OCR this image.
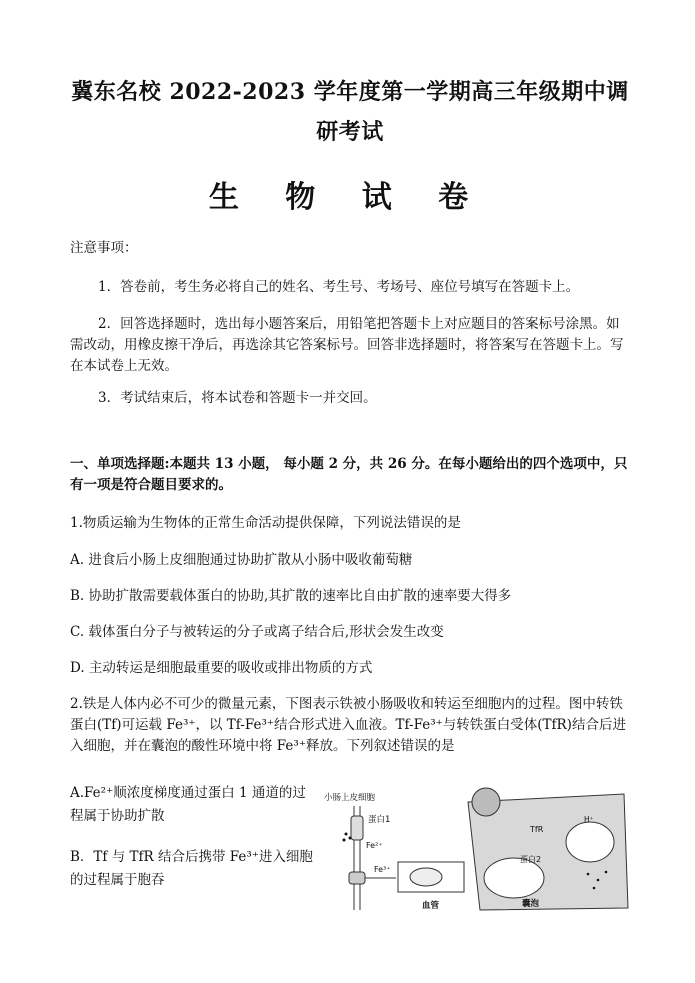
冀东名校 2022-2023 学年度第一学期高三年级期中调研考试
生 物 试 卷
注意事项：
1．答卷前，考生务必将自己的姓名、考生号、考场号、座位号填写在答题卡上。
2．回答选择题时，选出每小题答案后，用铅笔把答题卡上对应题目的答案标号涂黑。如需改动，用橡皮擦干净后，再选涂其它答案标号。回答非选择题时，将答案写在答题卡上。写在本试卷上无效。
3．考试结束后，将本试卷和答题卡一并交回。
一、单项选择题:本题共 13 小题， 每小题 2 分，共 26 分。在每小题给出的四个选项中，只有一项是符合题目要求的。
1.物质运输为生物体的正常生命活动提供保障，下列说法错误的是
A. 进食后小肠上皮细胞通过协助扩散从小肠中吸收葡萄糖
B. 协助扩散需要载体蛋白的协助,其扩散的速率比自由扩散的速率要大得多
C. 载体蛋白分子与被转运的分子或离子结合后,形状会发生改变
D. 主动转运是细胞最重要的吸收或排出物质的方式
2.铁是人体内必不可少的微量元素，下图表示铁被小肠吸收和转运至细胞内的过程。图中转铁蛋白(Tf)可运载 Fe³⁺，以 Tf-Fe³⁺结合形式进入血液。Tf-Fe³⁺与转铁蛋白受体(TfR)结合后进入细胞，并在囊泡的酸性环境中将 Fe³⁺释放。下列叙述错误的是
A.Fe²⁺顺浓度梯度通过蛋白 1 通道的过程属于协助扩散
B．Tf 与 TfR 结合后携带 Fe³⁺进入细胞的过程属于胞吞
小肠上皮细胞
蛋白1
Fe²⁺
Fe³⁺
血管
TfR
蛋白2
囊泡
H⁺
